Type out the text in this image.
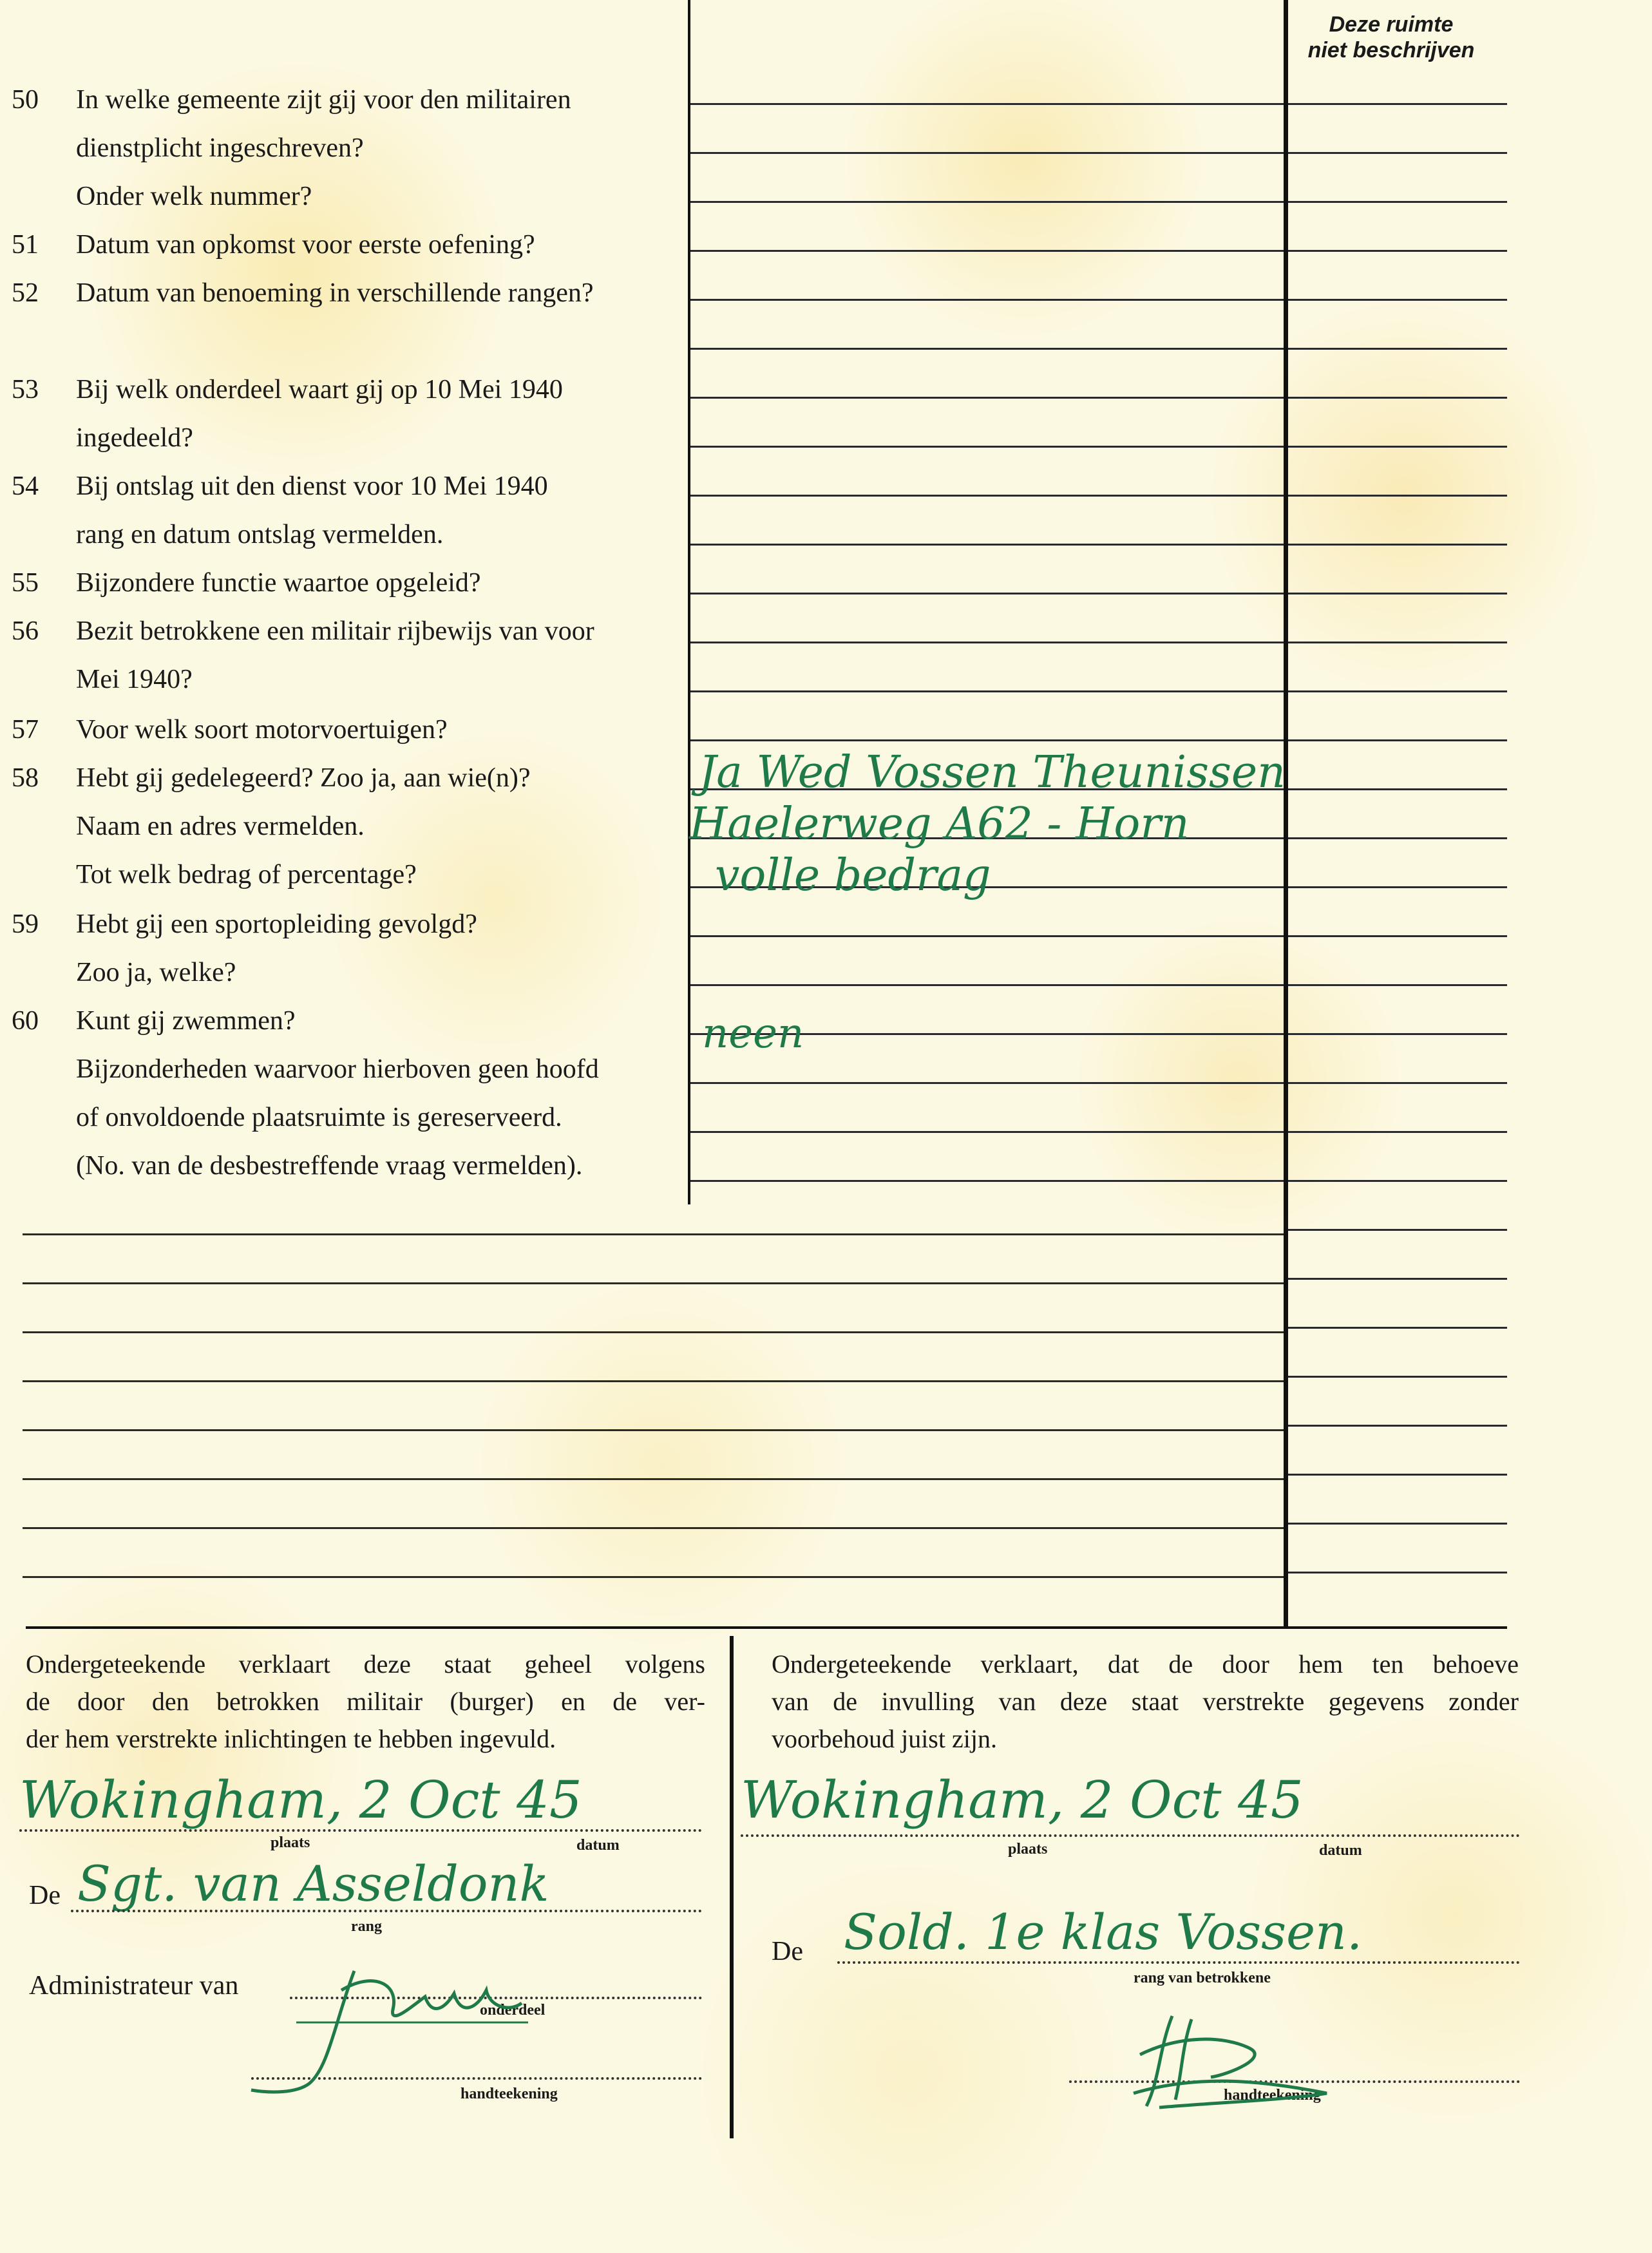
Deze ruimte
niet beschrijven
50 In welke gemeente zijt gij voor den militairen
dienstplicht ingeschreven?
Onder welk nummer?
51 Datum van opkomst voor eerste oefening?
52 Datum van benoeming in verschillende rangen?
53 Bij welk onderdeel waart gij op 10 Mei 1940
ingedeeld?
54 Bij ontslag uit den dienst voor 10 Mei 1940
rang en datum ontslag vermelden.
55 Bijzondere functie waartoe opgeleid?
56 Bezit betrokkene een militair rijbewijs van voor
Mei 1940?
57 Voor welk soort motorvoertuigen?
58 Hebt gij gedelegeerd? Zoo ja, aan wie(n)?
Naam en adres vermelden.
Tot welk bedrag of percentage?
59 Hebt gij een sportopleiding gevolgd?
Zoo ja, welke?
60 Kunt gij zwemmen?
Bijzonderheden waarvoor hierboven geen hoofd
of onvoldoende plaatsruimte is gereserveerd.
(No. van de desbestreffende vraag vermelden).
Ja Wed Vossen Theunissen
Haelerweg A62 - Horn
volle bedrag
neen
Ondergeteekende verklaart deze staat geheel volgens
de door den betrokken militair (burger) en de ver-
der hem verstrekte inlichtingen te hebben ingevuld.
Wokingham, 2 Oct 45
plaats	datum
De Sgt. van Asseldonk
rang
Administrateur van
onderdeel
handteekening
Ondergeteekende verklaart, dat de door hem ten behoeve
van de invulling van deze staat verstrekte gegevens zonder
voorbehoud juist zijn.
Wokingham, 2 Oct 45
plaats	datum
De Sold. 1e klas Vossen.
rang van betrokkene
handteekening
